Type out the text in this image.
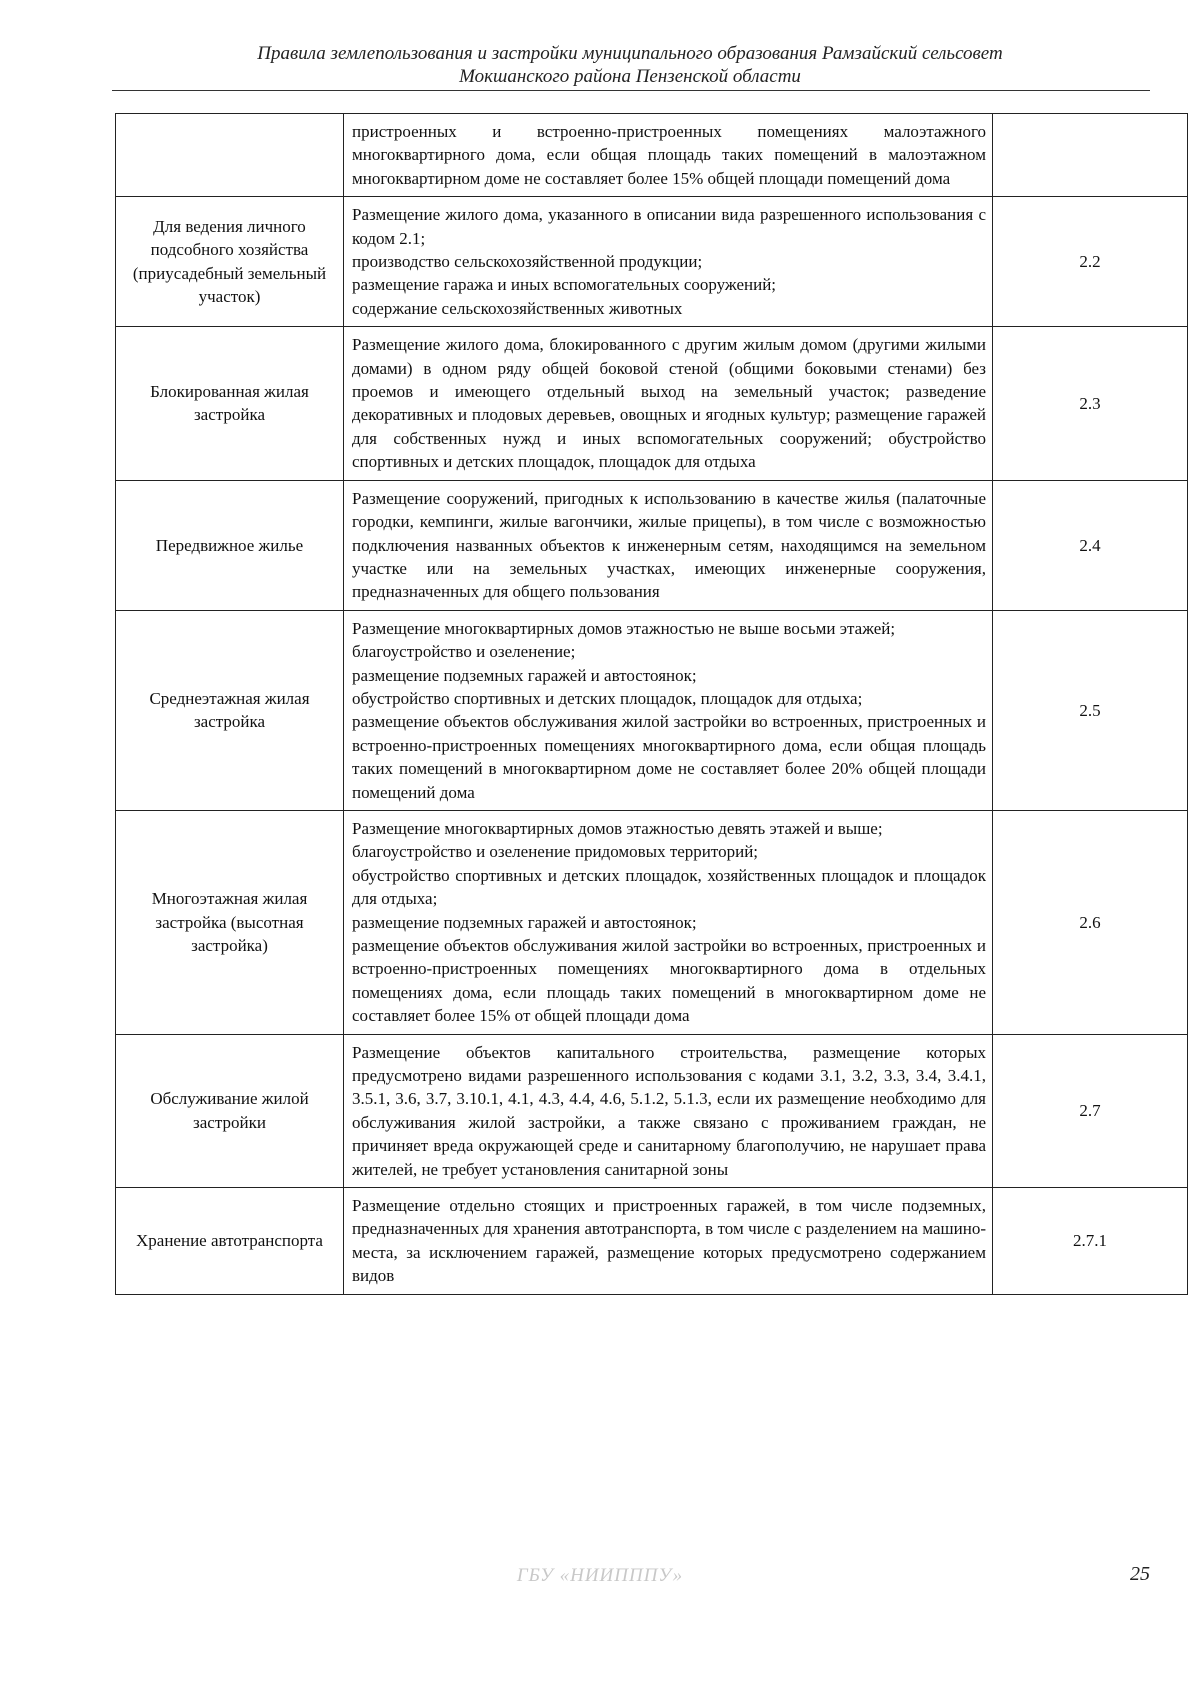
Правила землепользования и застройки муниципального образования Рамзайский сельсовет
Мокшанского района Пензенской области

	пристроенных и встроенно-пристроенных помещениях малоэтажного многоквартирного дома, если общая площадь таких помещений в малоэтажном многоквартирном доме не составляет более 15% общей площади помещений дома	

Для ведения личного подсобного хозяйства (приусадебный земельный участок)	Размещение жилого дома, указанного в описании вида разрешенного использования с кодом 2.1;
производство сельскохозяйственной продукции;
размещение гаража и иных вспомогательных сооружений;
содержание сельскохозяйственных животных	2.2
Блокированная жилая застройка	Размещение жилого дома, блокированного с другим жилым домом (другими жилыми домами) в одном ряду общей боковой стеной (общими боковыми стенами) без проемов и имеющего отдельный выход на земельный участок; разведение декоративных и плодовых деревьев, овощных и ягодных культур; размещение гаражей для собственных нужд и иных вспомогательных сооружений; обустройство спортивных и детских площадок, площадок для отдыха	2.3
Передвижное жилье	Размещение сооружений, пригодных к использованию в качестве жилья (палаточные городки, кемпинги, жилые вагончики, жилые прицепы), в том числе с возможностью подключения названных объектов к инженерным сетям, находящимся на земельном участке или на земельных участках, имеющих инженерные сооружения, предназначенных для общего пользования	2.4
Среднеэтажная жилая застройка	Размещение многоквартирных домов этажностью не выше восьми этажей;
благоустройство и озеленение;
размещение подземных гаражей и автостоянок;
обустройство спортивных и детских площадок, площадок для отдыха;
размещение объектов обслуживания жилой застройки во встроенных, пристроенных и встроенно-пристроенных помещениях многоквартирного дома, если общая площадь таких помещений в многоквартирном доме не составляет более 20% общей площади помещений дома	2.5
Многоэтажная жилая застройка (высотная застройка)	Размещение многоквартирных домов этажностью девять этажей и выше;
благоустройство и озеленение придомовых территорий;
обустройство спортивных и детских площадок, хозяйственных площадок и площадок для отдыха;
размещение подземных гаражей и автостоянок;
размещение объектов обслуживания жилой застройки во встроенных, пристроенных и встроенно-пристроенных помещениях многоквартирного дома в отдельных помещениях дома, если площадь таких помещений в многоквартирном доме не составляет более 15% от общей площади дома	2.6
Обслуживание жилой застройки	Размещение объектов капитального строительства, размещение которых предусмотрено видами разрешенного использования с кодами 3.1, 3.2, 3.3, 3.4, 3.4.1, 3.5.1, 3.6, 3.7, 3.10.1, 4.1, 4.3, 4.4, 4.6, 5.1.2, 5.1.3, если их размещение необходимо для обслуживания жилой застройки, а также связано с проживанием граждан, не причиняет вреда окружающей среде и санитарному благополучию, не нарушает права жителей, не требует установления санитарной зоны	2.7
Хранение автотранспорта	Размещение отдельно стоящих и пристроенных гаражей, в том числе подземных, предназначенных для хранения автотранспорта, в том числе с разделением на машино-места, за исключением гаражей, размещение которых предусмотрено содержанием видов	2.7.1
ГБУ «НИИПППУ»	25
